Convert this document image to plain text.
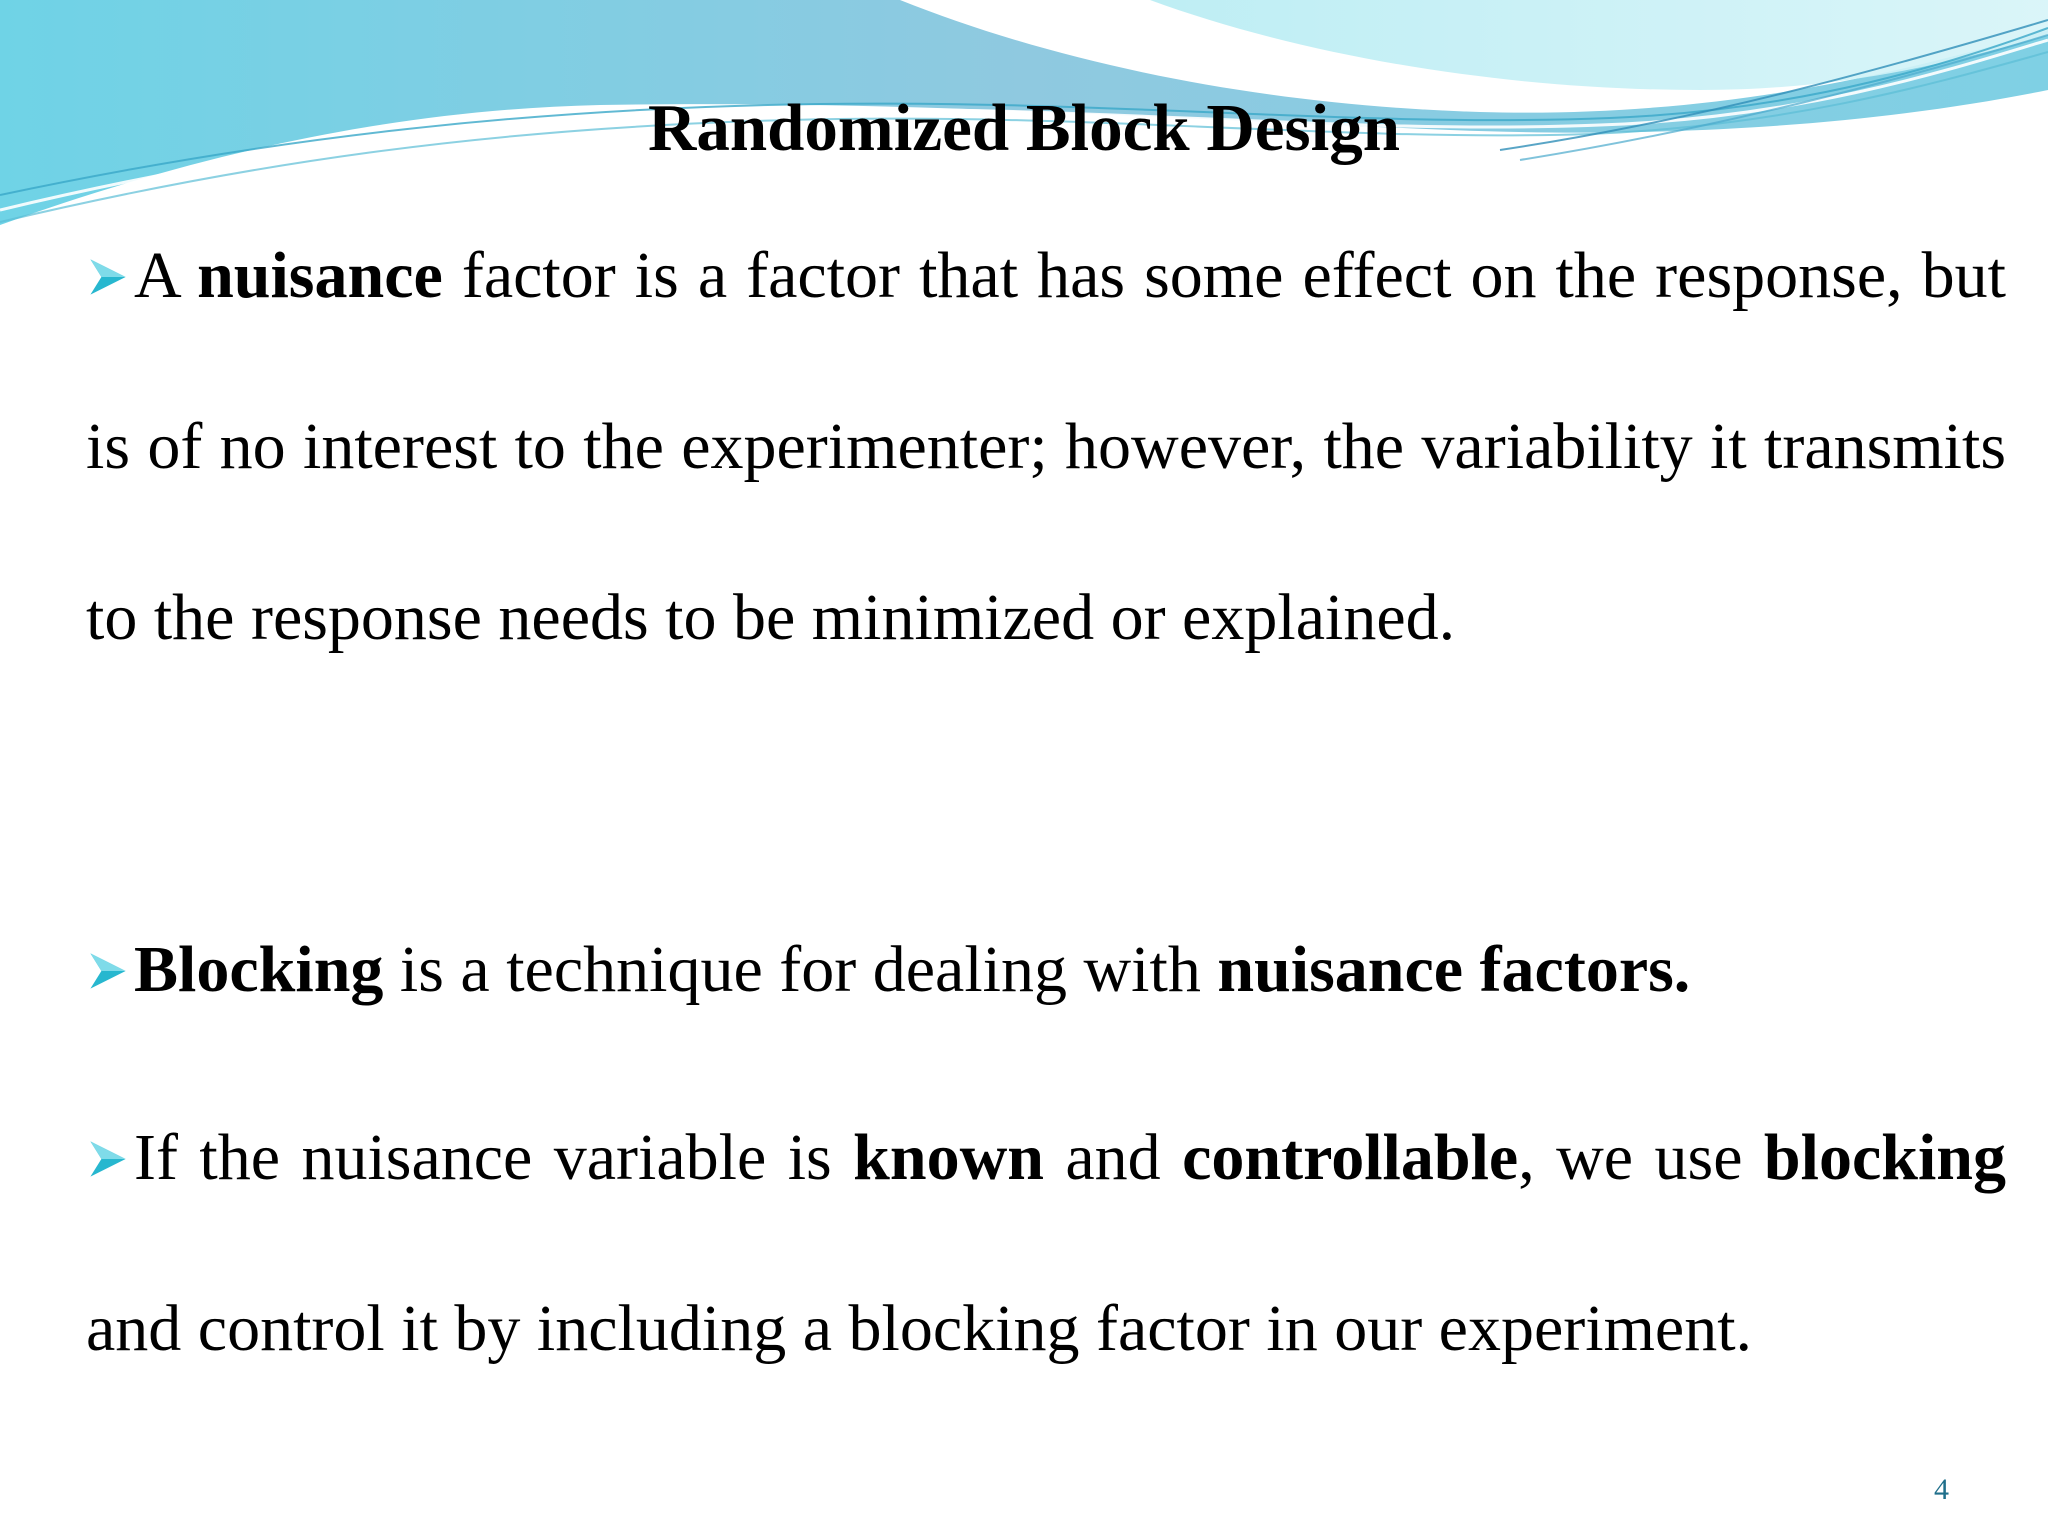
Randomized Block Design

A nuisance factor is a factor that has some effect on the response, but is of no interest to the experimenter; however, the variability it transmits to the response needs to be minimized or explained.

Blocking is a technique for dealing with nuisance factors.

If the nuisance variable is known and controllable, we use blocking and control it by including a blocking factor in our experiment.

4
